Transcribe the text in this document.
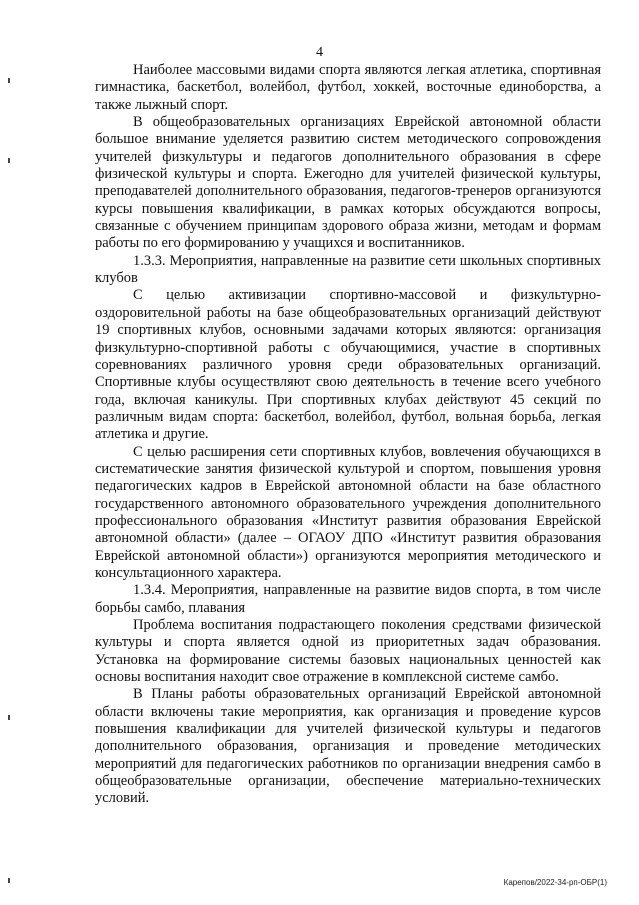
4

Наиболее массовыми видами спорта являются легкая атлетика, спортивная гимнастика, баскетбол, волейбол, футбол, хоккей, восточные единоборства, а также лыжный спорт.

В общеобразовательных организациях Еврейской автономной области большое внимание уделяется развитию систем методического сопровождения учителей физкультуры и педагогов дополнительного образования в сфере физической культуры и спорта. Ежегодно для учителей физической культуры, преподавателей дополнительного образования, педагогов-тренеров организуются курсы повышения квалификации, в рамках которых обсуждаются вопросы, связанные с обучением принципам здорового образа жизни, методам и формам работы по его формированию у учащихся и воспитанников.

1.3.3. Мероприятия, направленные на развитие сети школьных спортивных клубов

С целью активизации спортивно-массовой и физкультурно-оздоровительной работы на базе общеобразовательных организаций действуют 19 спортивных клубов, основными задачами которых являются: организация физкультурно-спортивной работы с обучающимися, участие в спортивных соревнованиях различного уровня среди образовательных организаций. Спортивные клубы осуществляют свою деятельность в течение всего учебного года, включая каникулы. При спортивных клубах действуют 45 секций по различным видам спорта: баскетбол, волейбол, футбол, вольная борьба, легкая атлетика и другие.

С целью расширения сети спортивных клубов, вовлечения обучающихся в систематические занятия физической культурой и спортом, повышения уровня педагогических кадров в Еврейской автономной области на базе областного государственного автономного образовательного учреждения дополнительного профессионального образования «Институт развития образования Еврейской автономной области» (далее – ОГАОУ ДПО «Институт развития образования Еврейской автономной области») организуются мероприятия методического и консультационного характера.

1.3.4. Мероприятия, направленные на развитие видов спорта, в том числе борьбы самбо, плавания

Проблема воспитания подрастающего поколения средствами физической культуры и спорта является одной из приоритетных задач образования. Установка на формирование системы базовых национальных ценностей как основы воспитания находит свое отражение в комплексной системе самбо.

В Планы работы образовательных организаций Еврейской автономной области включены такие мероприятия, как организация и проведение курсов повышения квалификации для учителей физической культуры и педагогов дополнительного образования, организация и проведение методических мероприятий для педагогических работников по организации внедрения самбо в общеобразовательные организации, обеспечение материально-технических условий.

Карепов/2022-34-рп-ОБР(1)
